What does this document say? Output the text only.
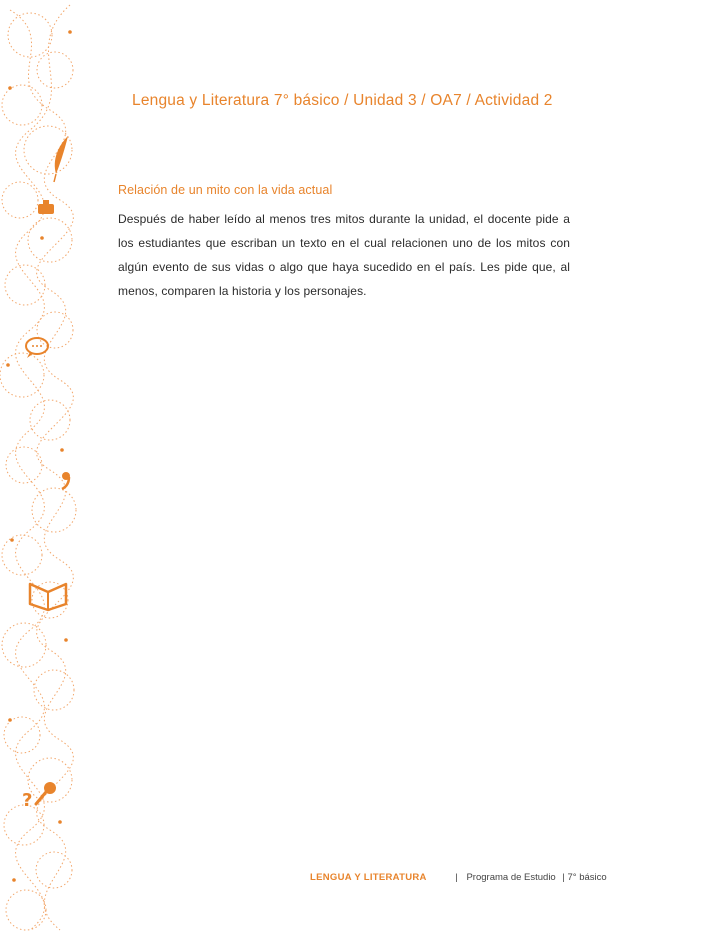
?
Lengua y Literatura 7° básico / Unidad 3 / OA7 / Actividad 2
Relación de un mito con la vida actual
Después de haber leído al menos tres mitos durante la unidad, el docente pide a los estudiantes que escriban un texto en el cual relacionen uno de los mitos con algún evento de sus vidas o algo que haya sucedido en el país. Les pide que, al menos, comparen la historia y los personajes.
LENGUA Y LITERATURA	| Programa de Estudio | 7° básico
